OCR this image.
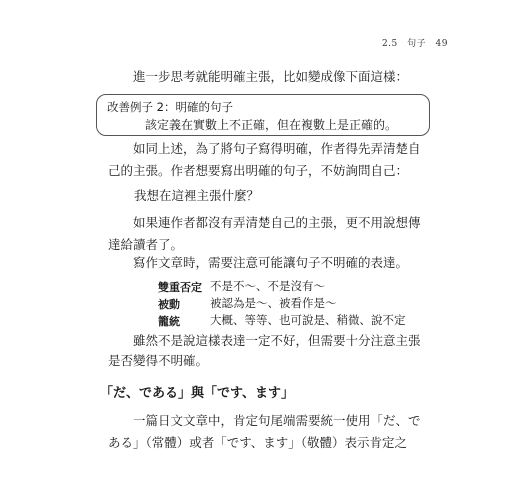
2.5 句子 49
進一步思考就能明確主張，比如變成像下面這樣：
改善例子 2：明確的句子
該定義在實數上不正確，但在複數上是正確的。
如同上述，為了將句子寫得明確，作者得先弄清楚自
己的主張。作者想要寫出明確的句子，不妨詢問自己：
我想在這裡主張什麼？
如果連作者都沒有弄清楚自己的主張，更不用說想傳
達給讀者了。
寫作文章時，需要注意可能讓句子不明確的表達。
雙重否定 不是不〜、不是沒有〜
被動	被認為是〜、被看作是〜
籠統	大概、等等、也可說是、稍微、說不定
雖然不是說這樣表達一定不好，但需要十分注意主張
是否變得不明確。
「だ、である」與「です、ます」
一篇日文文章中，肯定句尾端需要統一使用「だ、で
ある」（常體）或者「です、ます」（敬體）表示肯定之
